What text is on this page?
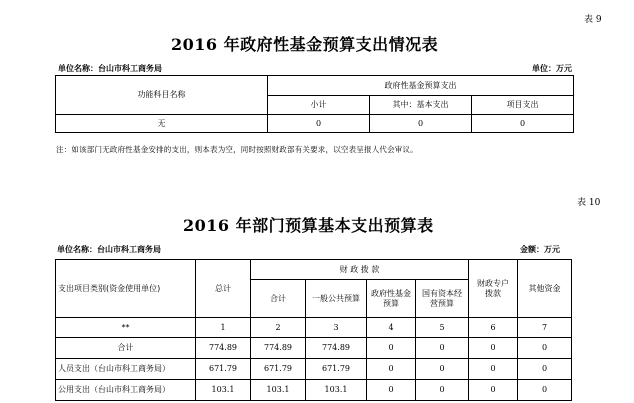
表 9
2016 年政府性基金预算支出情况表
单位名称：台山市科工商务局	单位：万元
功能科目名称	政府性基金预算支出		
	小计	其中：基本支出	项目支出
无	0	0	0
注：如该部门无政府性基金安排的支出，则本表为空，同时按照财政部有关要求，以空表呈报人代会审议。
表 10
2016 年部门预算基本支出预算表
单位名称：台山市科工商务局	金额：万元
支出项目类别(资金使用单位)	总计	财 政 拨 款				财政专户拨款	其他资金
		合计	一般公共预算	政府性基金预算	国有资本经营预算		

**	1	2	3	4	5	6	7
合计	774.89	774.89	774.89	0	0	0	0
人员支出（台山市科工商务局）	671.79	671.79	671.79	0	0	0	0
公用支出（台山市科工商务局）	103.1	103.1	103.1	0	0	0	0
